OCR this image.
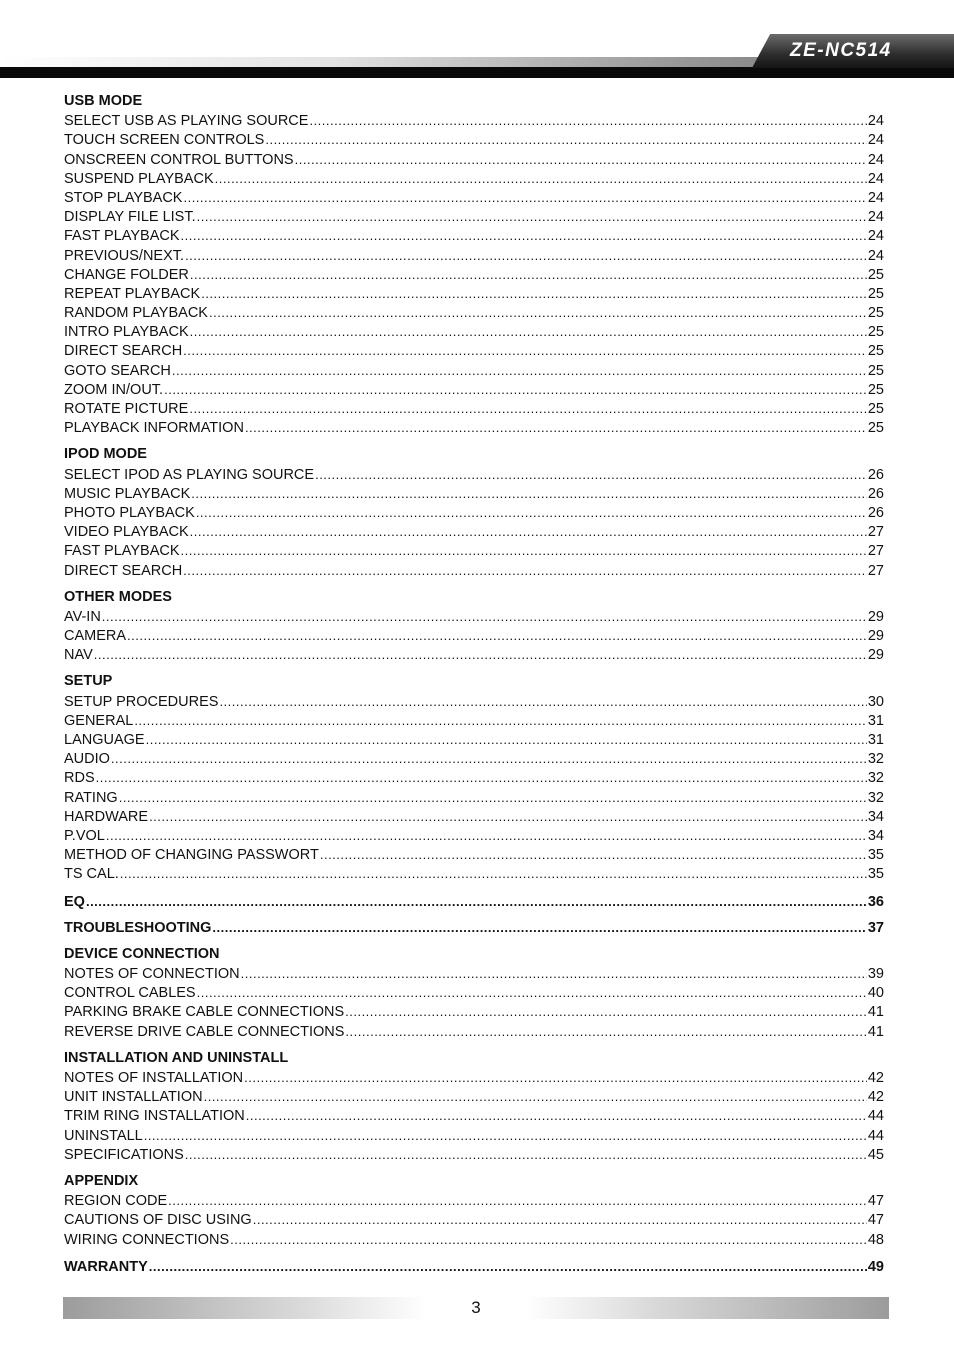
ZE-NC514
USB MODE
SELECT USB AS PLAYING SOURCE .....	24
TOUCH SCREEN CONTROLS .....	24
ONSCREEN CONTROL BUTTONS .....	24
SUSPEND PLAYBACK .....	24
STOP PLAYBACK .....	24
DISPLAY FILE LIST. .....	24
FAST PLAYBACK .....	24
PREVIOUS/NEXT. .....	24
CHANGE FOLDER .....	25
REPEAT PLAYBACK .....	25
RANDOM PLAYBACK .....	25
INTRO PLAYBACK .....	25
DIRECT SEARCH .....	25
GOTO SEARCH .....	25
ZOOM IN/OUT. .....	25
ROTATE PICTURE .....	25
PLAYBACK INFORMATION .....	25
IPOD MODE
SELECT IPOD AS PLAYING SOURCE .....	26
MUSIC PLAYBACK .....	26
PHOTO PLAYBACK .....	26
VIDEO PLAYBACK .....	27
FAST PLAYBACK .....	27
DIRECT SEARCH .....	27
OTHER MODES
AV-IN .....	29
CAMERA .....	29
NAV .....	29
SETUP
SETUP PROCEDURES .....	30
GENERAL .....	31
LANGUAGE .....	31
AUDIO .....	32
RDS .....	32
RATING .....	32
HARDWARE .....	34
P.VOL .....	34
METHOD OF CHANGING PASSWORT .....	35
TS CAL. .....	35
EQ .....	36
TROUBLESHOOTING .....	37
DEVICE CONNECTION
NOTES OF CONNECTION .....	39
CONTROL CABLES .....	40
PARKING BRAKE CABLE CONNECTIONS .....	41
REVERSE DRIVE CABLE CONNECTIONS .....	41
INSTALLATION AND UNINSTALL
NOTES OF INSTALLATION .....	42
UNIT INSTALLATION .....	42
TRIM RING INSTALLATION .....	44
UNINSTALL .....	44
SPECIFICATIONS .....	45
APPENDIX
REGION CODE .....	47
CAUTIONS OF DISC USING .....	47
WIRING CONNECTIONS .....	48
WARRANTY .....	49
3
